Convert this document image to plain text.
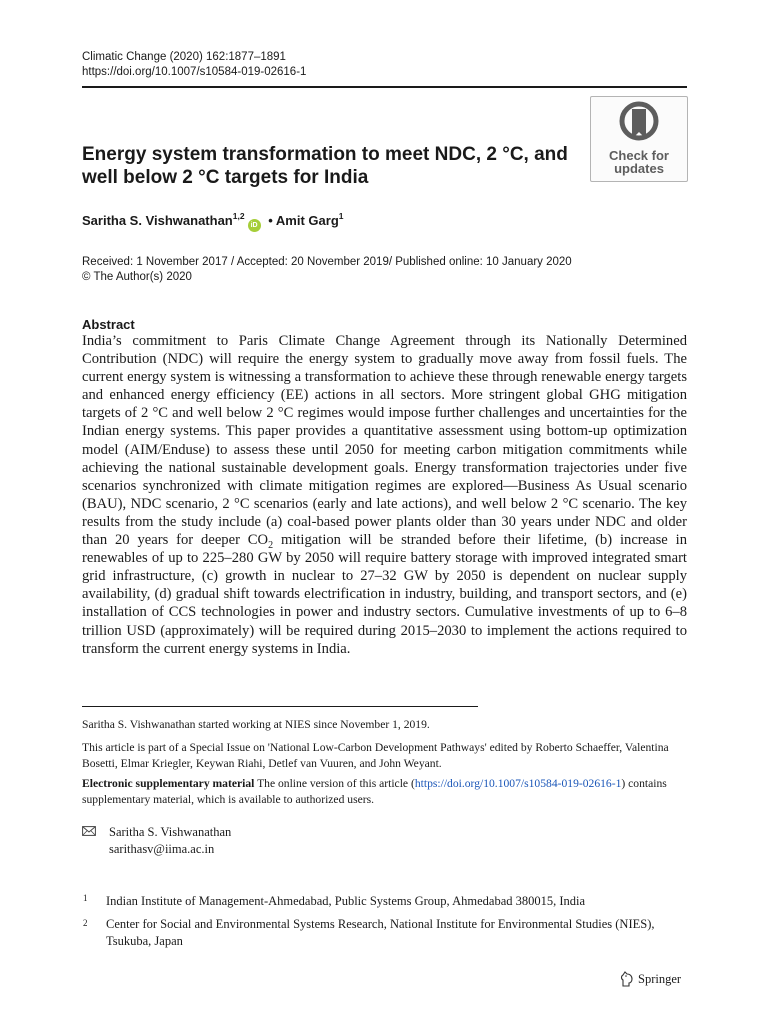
Climatic Change (2020) 162:1877–1891
https://doi.org/10.1007/s10584-019-02616-1
Check for
updates
Energy system transformation to meet NDC, 2 °C, and well below 2 °C targets for India
Saritha S. Vishwanathan$^{1,2}$iD • Amit Garg$^1$
Received: 1 November 2017 / Accepted: 20 November 2019/ Published online: 10 January 2020
© The Author(s) 2020
Abstract
India’s commitment to Paris Climate Change Agreement through its Nationally Determined Contribution (NDC) will require the energy system to gradually move away from fossil fuels. The current energy system is witnessing a transformation to achieve these through renewable energy targets and enhanced energy efficiency (EE) actions in all sectors. More stringent global GHG mitigation targets of 2 °C and well below 2 °C regimes would impose further challenges and uncertainties for the Indian energy systems. This paper provides a quantitative assessment using bottom-up optimization model (AIM/Enduse) to assess these until 2050 for meeting carbon mitigation commitments while achieving the national sustainable development goals. Energy transformation trajectories under five scenarios synchronized with climate mitigation regimes are explored—Business As Usual scenario (BAU), NDC scenario, 2 °C scenarios (early and late actions), and well below 2 °C scenario. The key results from the study include (a) coal-based power plants older than 30 years under NDC and older than 20 years for deeper $CO_2$ mitigation will be stranded before their lifetime, (b) increase in renewables of up to 225–280 GW by 2050 will require battery storage with improved integrated smart grid infrastructure, (c) growth in nuclear to 27–32 GW by 2050 is dependent on nuclear supply availability, (d) gradual shift towards electrification in industry, building, and transport sectors, and (e) installation of CCS technologies in power and industry sectors. Cumulative investments of up to 6–8 trillion USD (approximately) will be required during 2015–2030 to implement the actions required to transform the current energy systems in India.
Saritha S. Vishwanathan started working at NIES since November 1, 2019.
This article is part of a Special Issue on 'National Low-Carbon Development Pathways' edited by Roberto Schaeffer, Valentina Bosetti, Elmar Kriegler, Keywan Riahi, Detlef van Vuuren, and John Weyant.
Electronic supplementary material The online version of this article (https://doi.org/10.1007/s10584-019-02616-1) contains supplementary material, which is available to authorized users.
Saritha S. Vishwanathan
sarithasv@iima.ac.in
1 Indian Institute of Management-Ahmedabad, Public Systems Group, Ahmedabad 380015, India
2 Center for Social and Environmental Systems Research, National Institute for Environmental Studies (NIES), Tsukuba, Japan
Springer
